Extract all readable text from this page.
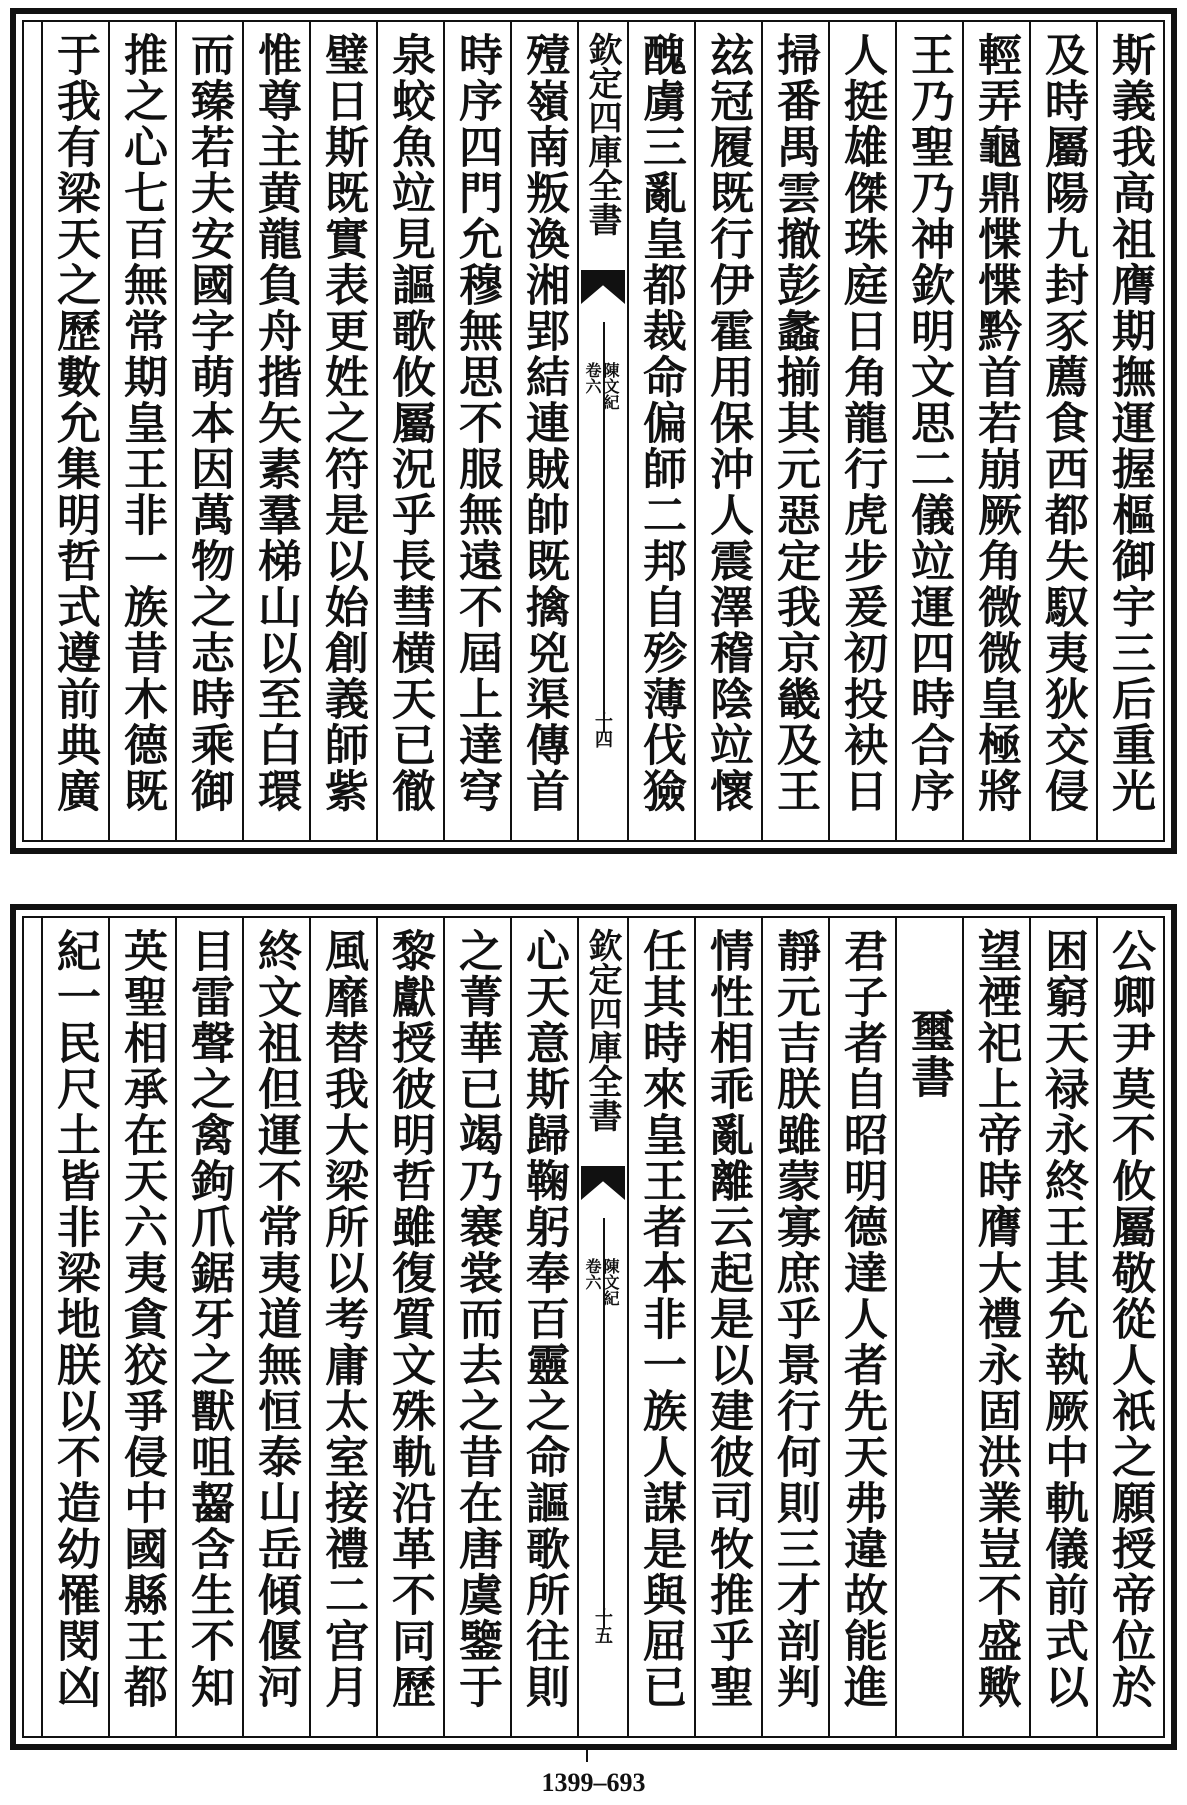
斯義我高祖膺期撫運握樞御宇三后重光
及時屬陽九封豕薦食西都失馭夷狄交侵
輕弄龜鼎惵惵黔首若崩厥角微微皇極將
王乃聖乃神欽明文思二儀竝運四時合序
人挺雄傑珠庭日角龍行虎步爰初投袂日
掃番禺雲撤彭蠡揃其元惡定我京畿及王
玆冠履既行伊霍用保沖人震澤稽陰竝懷
醜虜三亂皇都裁命偏師二邦自殄薄伐獫
欽定四庫全書
陳文紀
卷六
十四
殪嶺南叛渙湘郢結連賊帥既擒兇渠傳首
時序四門允穆無思不服無遠不屆上達穹
泉蛟魚竝見謳歌攸屬況乎長彗横天已徹
璧日斯既實表更姓之符是以始創義師紫
惟尊主黄龍負舟揩矢素羣梯山以至白環
而臻若夫安國字萌本因萬物之志時乘御
推之心七百無常期皇王非一族昔木德既
于我有梁天之歷數允集明哲式遵前典廣
公卿尹莫不攸屬敬從人祇之願授帝位於
困窮天禄永終王其允執厥中軌儀前式以
望禋祀上帝時膺大禮永固洪業豈不盛歟
璽書
君子者自昭明德達人者先天弗違故能進
靜元吉朕雖蒙寡庶乎景行何則三才剖判
情性相乖亂離云起是以建彼司牧推乎聖
任其時來皇王者本非一族人謀是與屈已
欽定四庫全書
陳文紀
卷六
十五
心天意斯歸鞠躬奉百靈之命謳歌所往則
之菁華已竭乃褰裳而去之昔在唐虞鑒于
黎獻授彼明哲雖復質文殊軌沿革不同歷
風靡替我大梁所以考庸太室接禮二宫月
終文祖但運不常夷道無恒泰山岳傾偃河
目雷聲之禽鉤爪鋸牙之獸咀齧含生不知
英聖相承在天六夷貪狡爭侵中國縣王都
紀一民尺土皆非梁地朕以不造幼罹閔凶
1399–693
